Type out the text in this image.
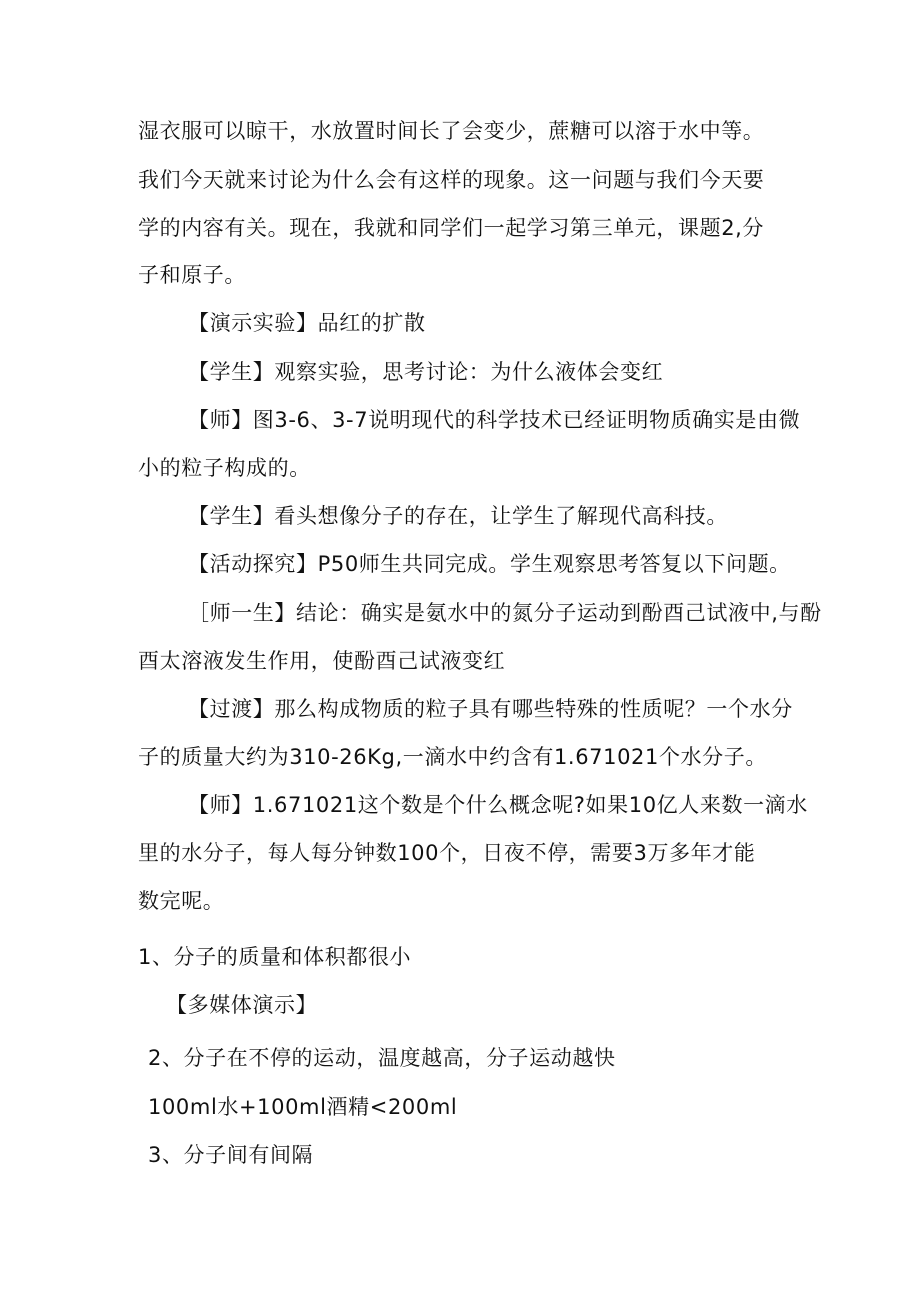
湿衣服可以晾干，水放置时间长了会变少，蔗糖可以溶于水中等。
我们今天就来讨论为什么会有这样的现象。这一问题与我们今天要
学的内容有关。现在，我就和同学们一起学习第三单元，课题2,分
子和原子。
【演示实验】品红的扩散
【学生】观察实验，思考讨论：为什么液体会变红
【师】图3-6、3-7说明现代的科学技术已经证明物质确实是由微
小的粒子构成的。
【学生】看头想像分子的存在，让学生了解现代高科技。
【活动探究】P50师生共同完成。学生观察思考答复以下问题。
［师一生】结论：确实是氨水中的氮分子运动到酚酉己试液中,与酚
酉太溶液发生作用，使酚酉己试液变红
【过渡】那么构成物质的粒子具有哪些特殊的性质呢？一个水分
子的质量大约为310-26Kg,一滴水中约含有1.671021个水分子。
【师】1.671021这个数是个什么概念呢?如果10亿人来数一滴水
里的水分子，每人每分钟数100个，日夜不停，需要3万多年才能
数完呢。
1、分子的质量和体积都很小
【多媒体演示】
2、分子在不停的运动，温度越高，分子运动越快
100ml水+100ml酒精<200ml
3、分子间有间隔
